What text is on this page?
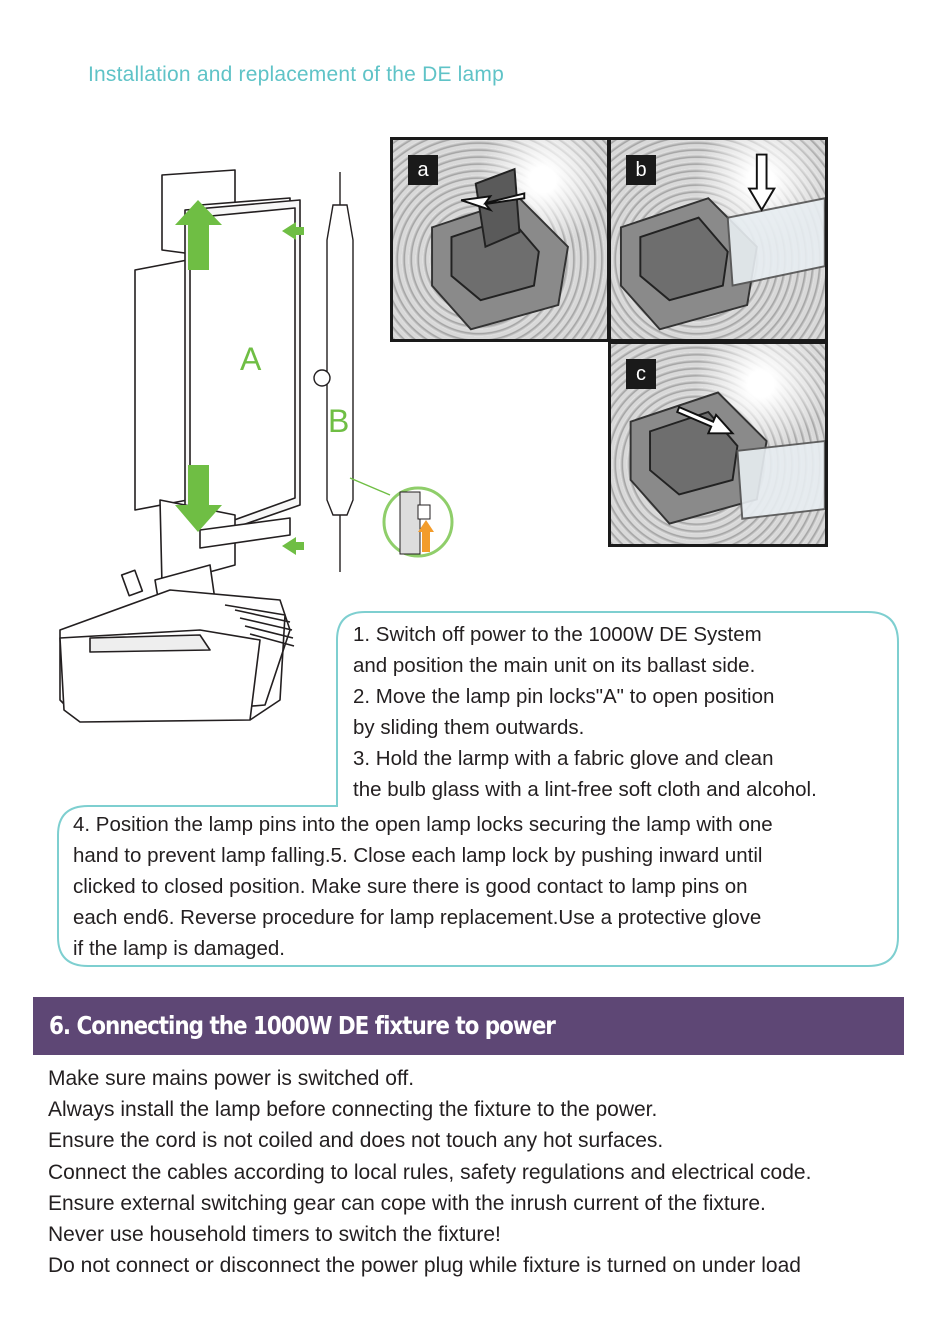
Installation and replacement of the DE lamp
A
B
a	b
c
1. Switch off power to the 1000W DE System
and position the main unit on its ballast side.
2. Move the lamp pin locks"A" to open position
by sliding them outwards.
3. Hold the larmp with a fabric glove and clean
the bulb glass with a lint-free soft cloth and alcohol.
4. Position the lamp pins into the open lamp locks securing the lamp with one
hand to prevent lamp falling.5. Close each lamp lock by pushing inward until
clicked to closed position. Make sure there is good contact to lamp pins on
each end6. Reverse procedure for lamp replacement.Use a protective glove
if the lamp is damaged.
6. Connecting the 1000W DE fixture to power
Make sure mains power is switched off.
Always install the lamp before connecting the fixture to the power.
Ensure the cord is not coiled and does not touch any hot surfaces.
Connect the cables according to local rules, safety regulations and electrical code.
Ensure external switching gear can cope with the inrush current of the fixture.
Never use household timers to switch the fixture!
Do not connect or disconnect the power plug while fixture is turned on under load
